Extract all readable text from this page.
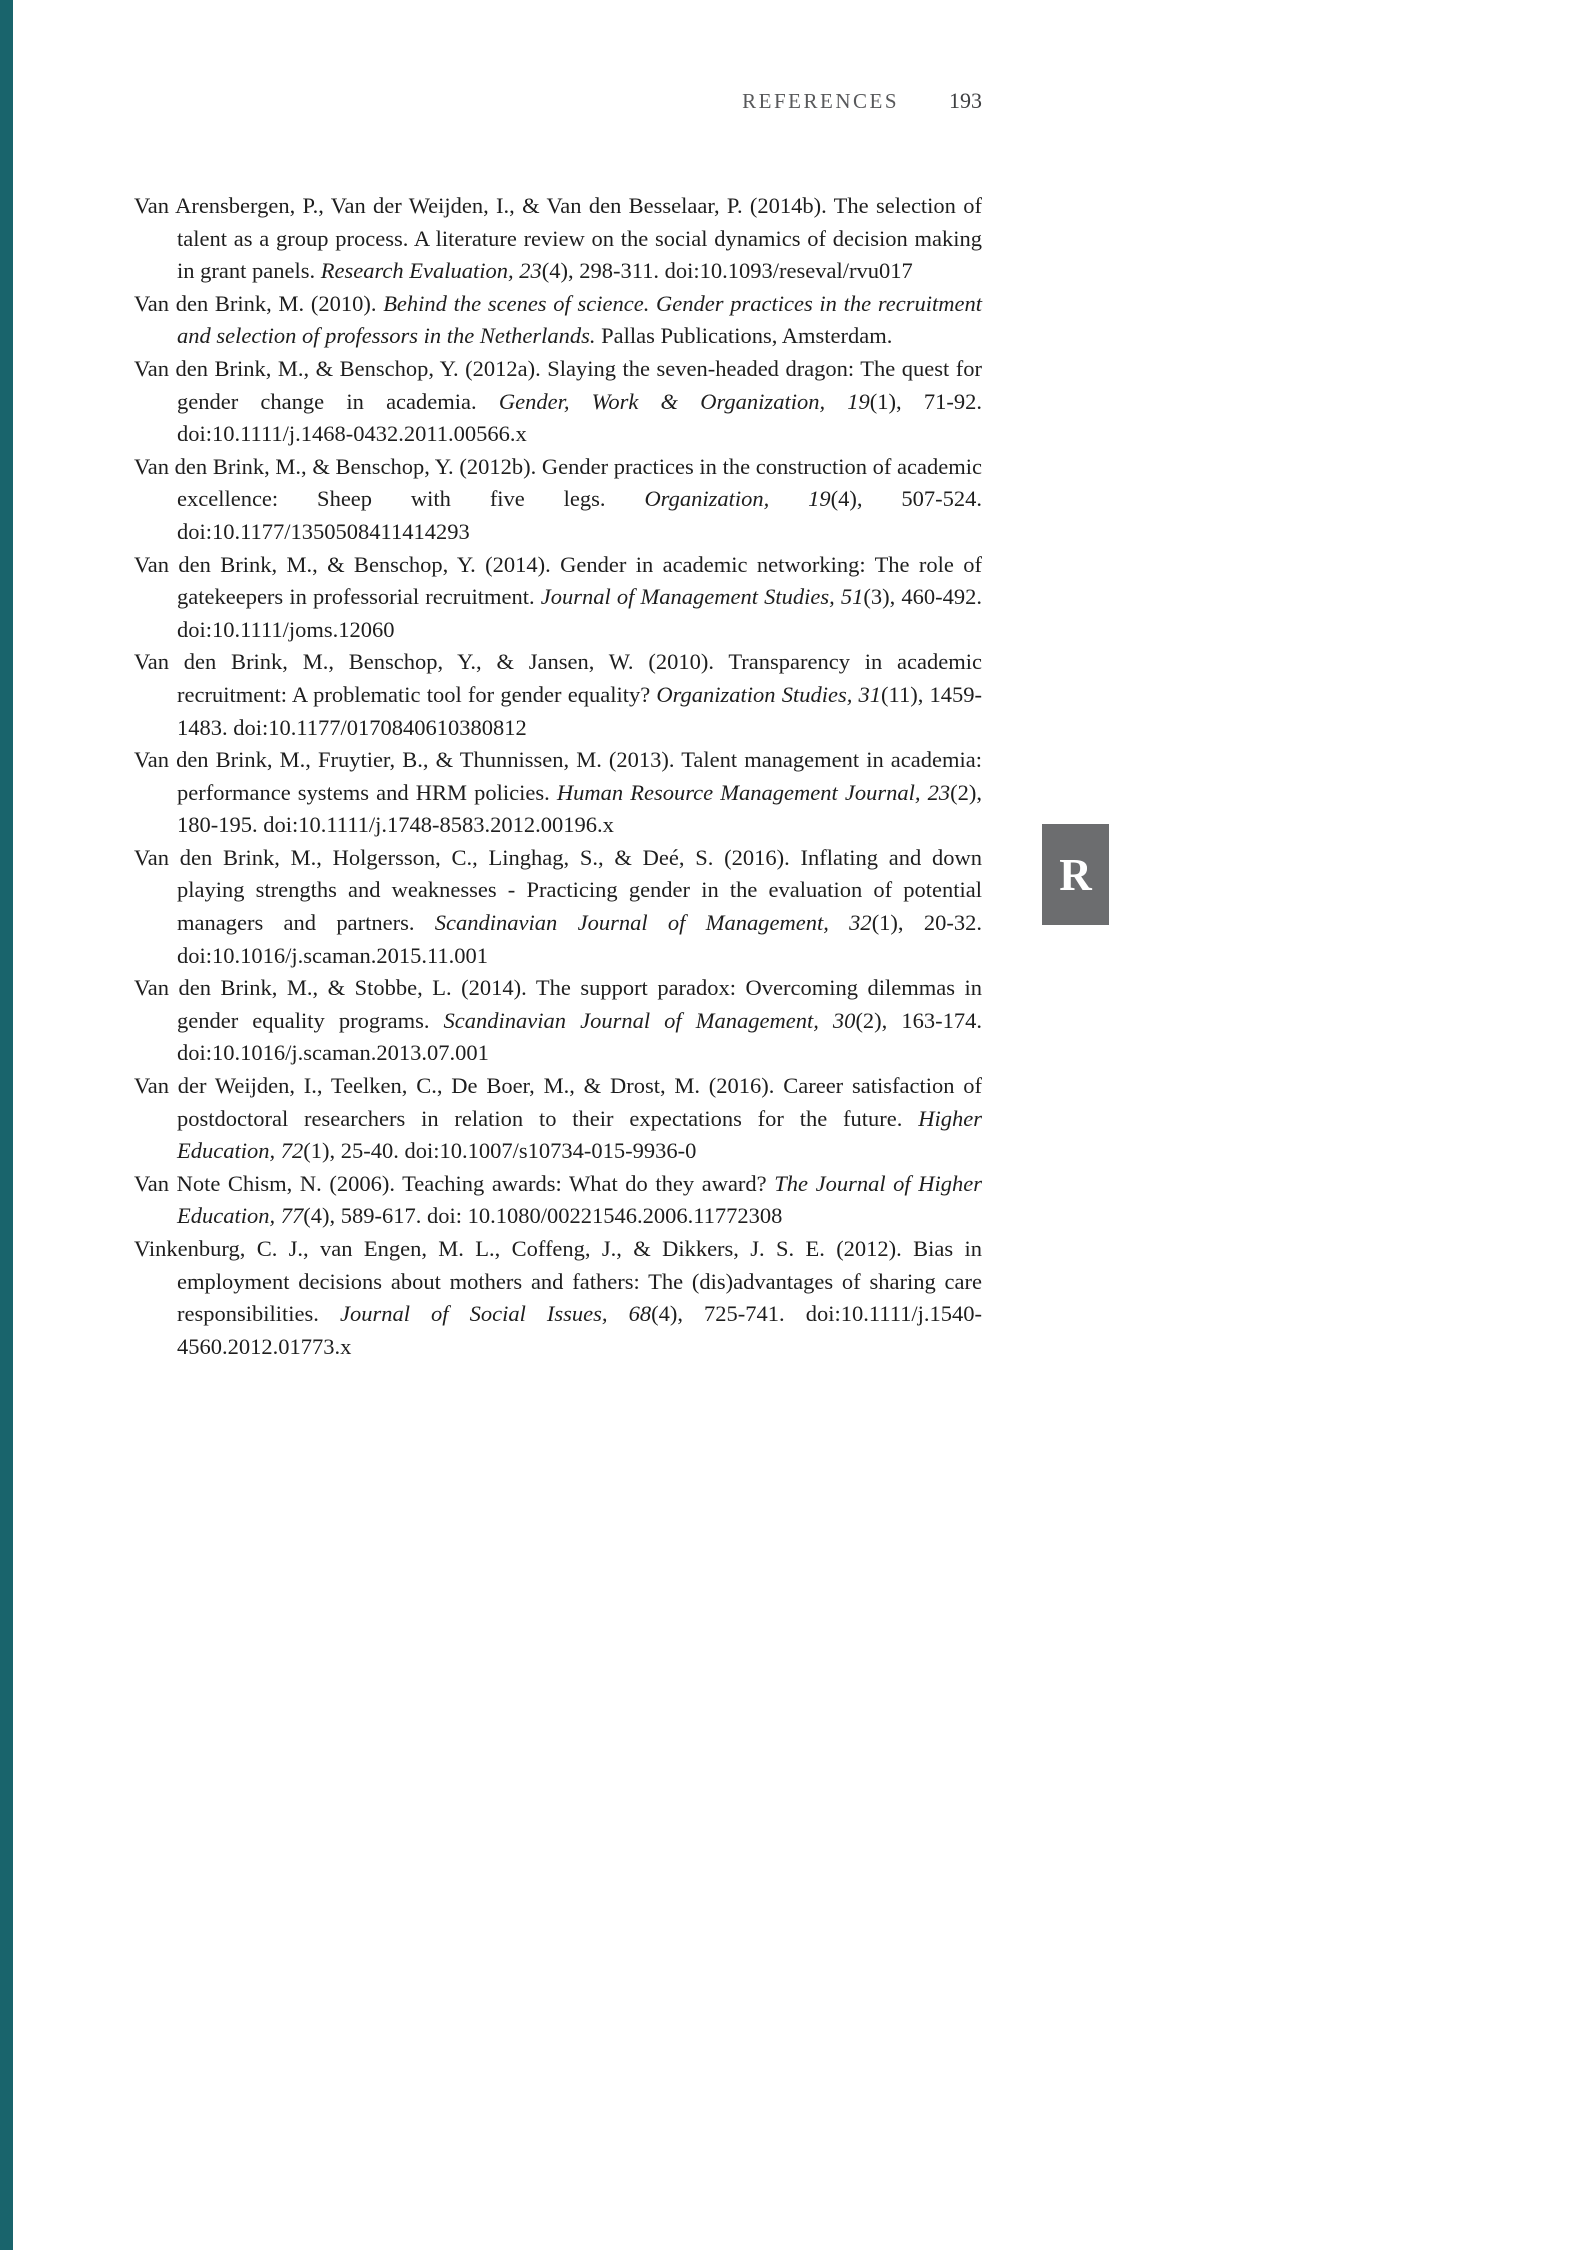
REFERENCES 193

Van Arensbergen, P., Van der Weijden, I., & Van den Besselaar, P. (2014b). The selection of talent as a group process. A literature review on the social dynamics of decision making in grant panels. Research Evaluation, 23(4), 298-311. doi:10.1093/reseval/rvu017

Van den Brink, M. (2010). Behind the scenes of science. Gender practices in the recruitment and selection of professors in the Netherlands. Pallas Publications, Amsterdam.

Van den Brink, M., & Benschop, Y. (2012a). Slaying the seven-headed dragon: The quest for gender change in academia. Gender, Work & Organization, 19(1), 71-92. doi:10.1111/j.1468-0432.2011.00566.x

Van den Brink, M., & Benschop, Y. (2012b). Gender practices in the construction of academic excellence: Sheep with five legs. Organization, 19(4), 507-524. doi:10.1177/1350508411414293

Van den Brink, M., & Benschop, Y. (2014). Gender in academic networking: The role of gatekeepers in professorial recruitment. Journal of Management Studies, 51(3), 460-492. doi:10.1111/joms.12060

Van den Brink, M., Benschop, Y., & Jansen, W. (2010). Transparency in academic recruitment: A problematic tool for gender equality? Organization Studies, 31(11), 1459-1483. doi:10.1177/0170840610380812

Van den Brink, M., Fruytier, B., & Thunnissen, M. (2013). Talent management in academia: performance systems and HRM policies. Human Resource Management Journal, 23(2), 180-195. doi:10.1111/j.1748-8583.2012.00196.x

Van den Brink, M., Holgersson, C., Linghag, S., & Deé, S. (2016). Inflating and down playing strengths and weaknesses - Practicing gender in the evaluation of potential managers and partners. Scandinavian Journal of Management, 32(1), 20-32. doi:10.1016/j.scaman.2015.11.001

Van den Brink, M., & Stobbe, L. (2014). The support paradox: Overcoming dilemmas in gender equality programs. Scandinavian Journal of Management, 30(2), 163-174. doi:10.1016/j.scaman.2013.07.001

Van der Weijden, I., Teelken, C., De Boer, M., & Drost, M. (2016). Career satisfaction of postdoctoral researchers in relation to their expectations for the future. Higher Education, 72(1), 25-40. doi:10.1007/s10734-015-9936-0

Van Note Chism, N. (2006). Teaching awards: What do they award? The Journal of Higher Education, 77(4), 589-617. doi: 10.1080/00221546.2006.11772308

Vinkenburg, C. J., van Engen, M. L., Coffeng, J., & Dikkers, J. S. E. (2012). Bias in employment decisions about mothers and fathers: The (dis)advantages of sharing care responsibilities. Journal of Social Issues, 68(4), 725-741. doi:10.1111/j.1540-4560.2012.01773.x

R
